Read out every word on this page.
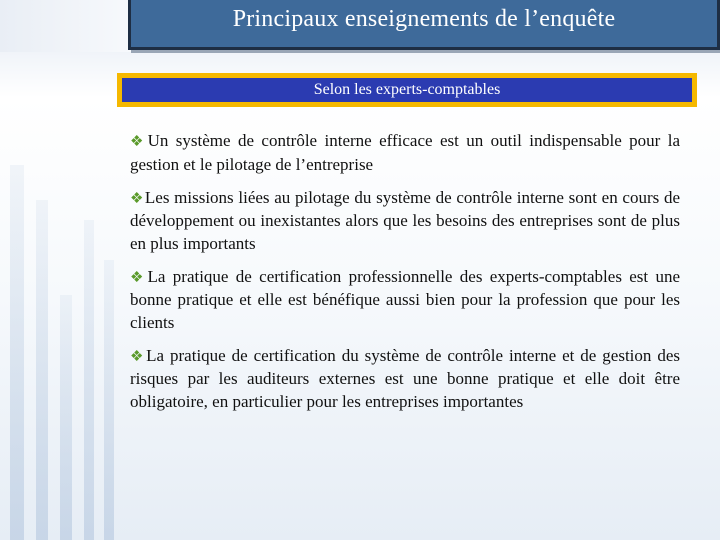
Principaux enseignements de l’enquête
Selon les experts-comptables

❖Un système de contrôle interne efficace est un outil indispensable pour la gestion et le pilotage de l’entreprise

❖Les missions liées au pilotage du système de contrôle interne sont en cours de développement ou inexistantes alors que les besoins des entreprises sont de plus en plus importants

❖La pratique de certification professionnelle des experts-comptables est une bonne pratique et elle est bénéfique aussi bien pour la profession que pour les clients

❖La pratique de certification du système de contrôle interne et de gestion des risques par les auditeurs externes est une bonne pratique et elle doit être obligatoire, en particulier pour les entreprises importantes
